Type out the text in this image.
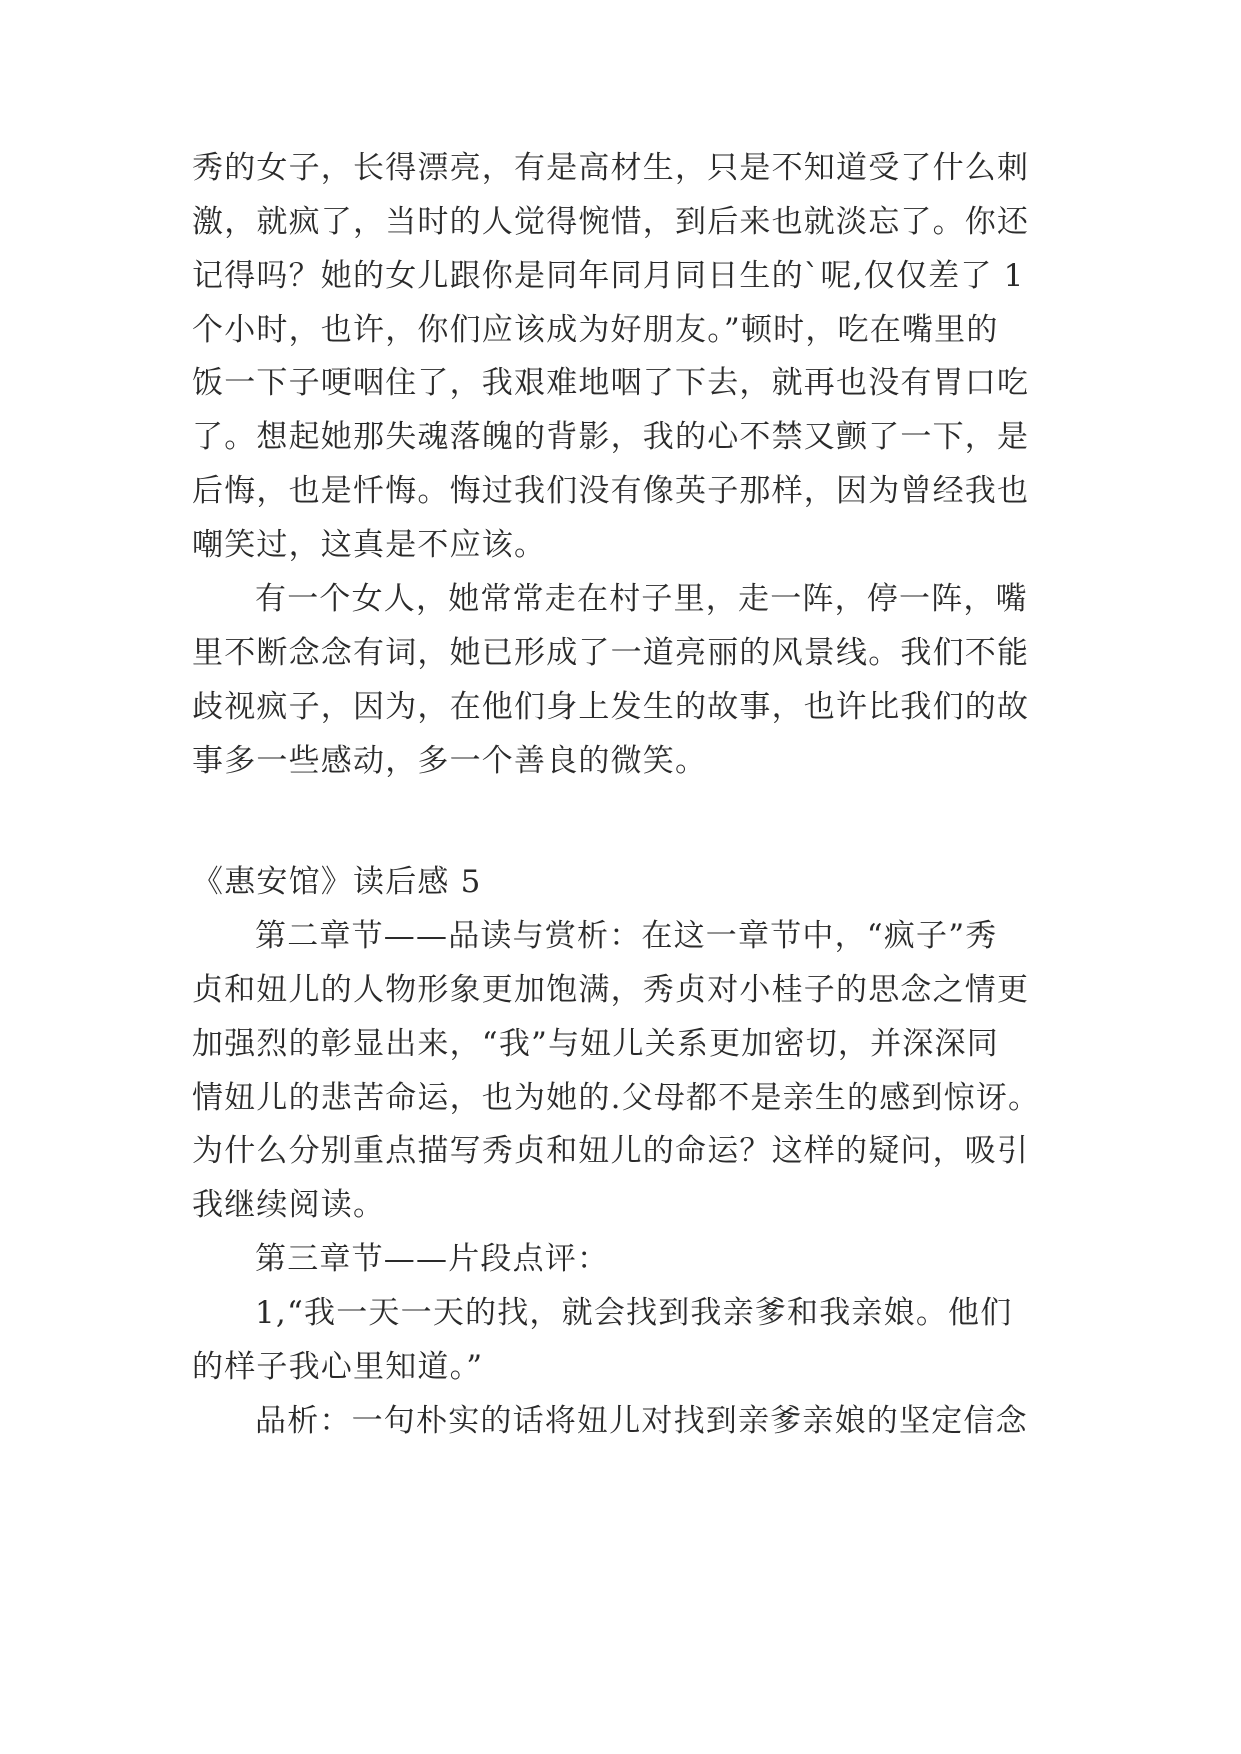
秀的女子，长得漂亮，有是高材生，只是不知道受了什么刺
激，就疯了，当时的人觉得惋惜，到后来也就淡忘了。你还
记得吗？她的女儿跟你是同年同月同日生的`呢,仅仅差了 1
个小时，也许，你们应该成为好朋友。”顿时，吃在嘴里的
饭一下子哽咽住了，我艰难地咽了下去，就再也没有胃口吃
了。想起她那失魂落魄的背影，我的心不禁又颤了一下，是
后悔，也是忏悔。悔过我们没有像英子那样，因为曾经我也
嘲笑过，这真是不应该。
有一个女人，她常常走在村子里，走一阵，停一阵，嘴
里不断念念有词，她已形成了一道亮丽的风景线。我们不能
歧视疯子，因为，在他们身上发生的故事，也许比我们的故
事多一些感动，多一个善良的微笑。
《惠安馆》读后感 5
第二章节——品读与赏析：在这一章节中，“疯子”秀
贞和妞儿的人物形象更加饱满，秀贞对小桂子的思念之情更
加强烈的彰显出来，“我”与妞儿关系更加密切，并深深同
情妞儿的悲苦命运，也为她的.父母都不是亲生的感到惊讶。
为什么分别重点描写秀贞和妞儿的命运？这样的疑问，吸引
我继续阅读。
第三章节——片段点评：
1,“我一天一天的找，就会找到我亲爹和我亲娘。他们
的样子我心里知道。”
品析：一句朴实的话将妞儿对找到亲爹亲娘的坚定信念
